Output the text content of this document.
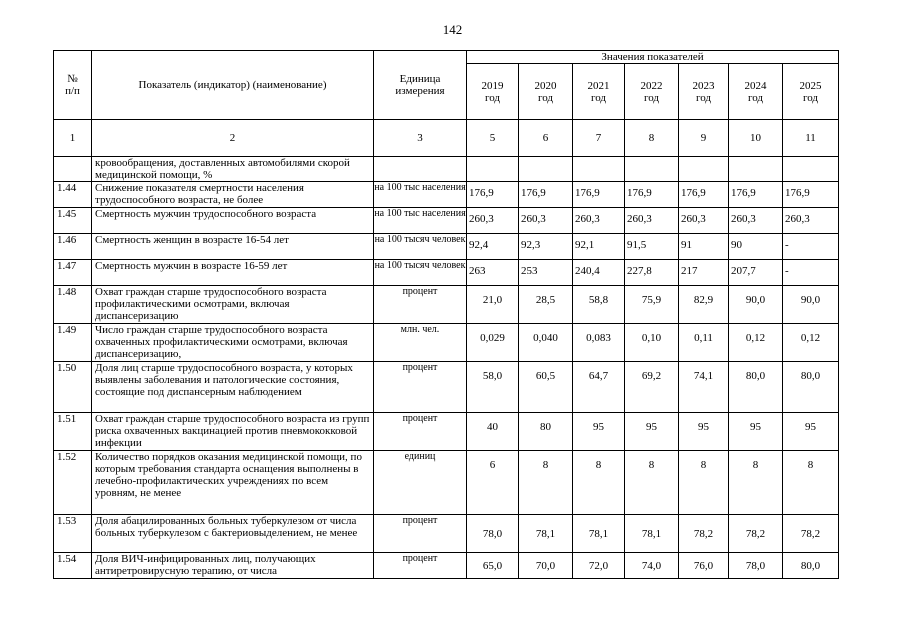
142
№ п/п	Показатель (индикатор) (наименование)	Единица измерения	Значения показателей						
			2019 год	2020 год	2021 год	2022 год	2023 год	2024 год	2025 год
1	2	3	5	6	7	8	9	10	11
	кровообращения, доставленных автомобилями скорой медицинской помощи, %								
1.44	Снижение показателя смертности населения трудоспособного возраста, не более	на 100 тыс населения	176,9	176,9	176,9	176,9	176,9	176,9	176,9
1.45	Смертность мужчин трудоспособного возраста	на 100 тыс населения	260,3	260,3	260,3	260,3	260,3	260,3	260,3
1.46	Смертность женщин в возрасте 16-54 лет	на 100 тысяч человек	92,4	92,3	92,1	91,5	91	90	-
1.47	Смертность мужчин в возрасте 16-59 лет	на 100 тысяч человек	263	253	240,4	227,8	217	207,7	-
1.48	Охват граждан старше трудоспособного возраста профилактическими осмотрами, включая диспансеризацию	процент	21,0	28,5	58,8	75,9	82,9	90,0	90,0
1.49	Число граждан старше трудоспособного возраста охваченных профилактическими осмотрами, включая диспансеризацию,	млн. чел.	0,029	0,040	0,083	0,10	0,11	0,12	0,12
1.50	Доля лиц старше трудоспособного возраста, у которых выявлены заболевания и патологические состояния, состоящие под диспансерным наблюдением	процент	58,0	60,5	64,7	69,2	74,1	80,0	80,0
1.51	Охват граждан старше трудоспособного возраста из групп риска охваченных вакцинацией против пневмококковой инфекции	процент	40	80	95	95	95	95	95
1.52	Количество порядков оказания медицинской помощи, по которым требования стандарта оснащения выполнены в лечебно-профилактических учреждениях по всем уровням, не менее	единиц	6	8	8	8	8	8	8
1.53	Доля абацилированных больных туберкулезом от числа больных туберкулезом с бактериовыделением, не менее	процент	78,0	78,1	78,1	78,1	78,2	78,2	78,2
1.54	Доля ВИЧ-инфицированных лиц, получающих антиретровирусную терапию, от числа	процент	65,0	70,0	72,0	74,0	76,0	78,0	80,0
